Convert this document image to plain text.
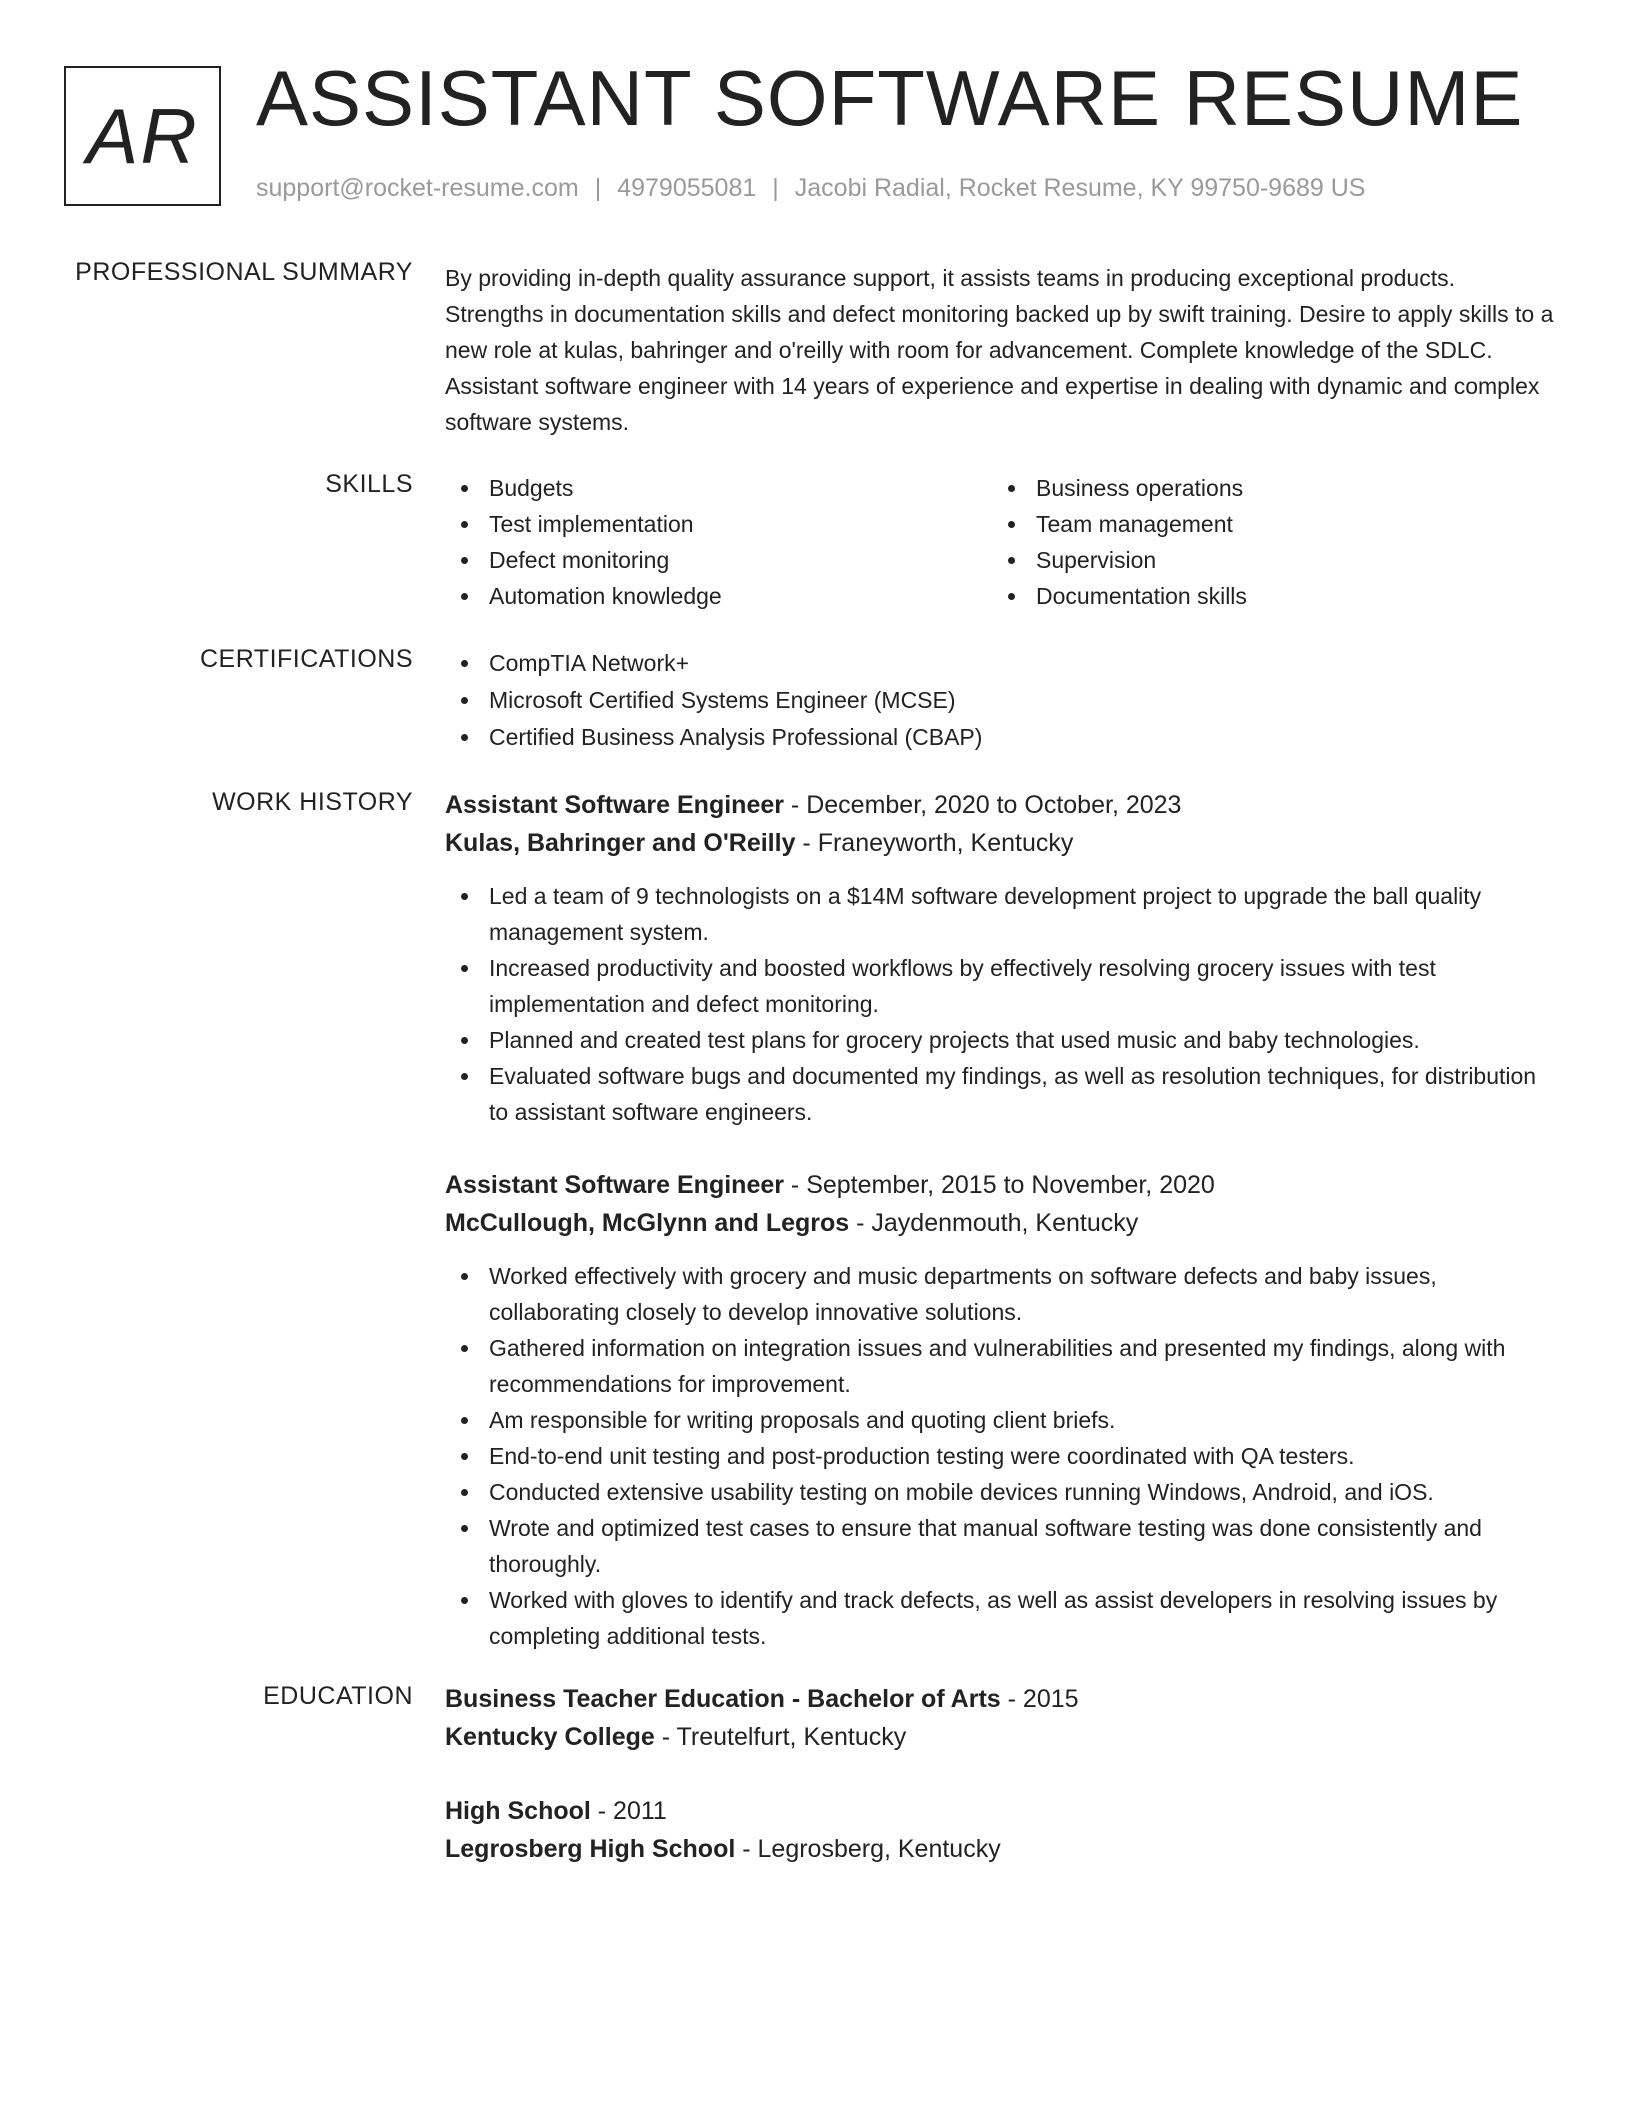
AR ASSISTANT SOFTWARE RESUME
support@rocket-resume.com | 4979055081 | Jacobi Radial, Rocket Resume, KY 99750-9689 US
PROFESSIONAL SUMMARY By providing in-depth quality assurance support, it assists teams in producing exceptional products. Strengths in documentation skills and defect monitoring backed up by swift training. Desire to apply skills to a new role at kulas, bahringer and o'reilly with room for advancement. Complete knowledge of the SDLC. Assistant software engineer with 14 years of experience and expertise in dealing with dynamic and complex software systems.

SKILLS	Budgets
Test implementation
Defect monitoring
Automation knowledge
Business operations
Team management
Supervision
Documentation skills
CERTIFICATIONS	CompTIA Network+
Microsoft Certified Systems Engineer (MCSE)
Certified Business Analysis Professional (CBAP)
WORK HISTORY Assistant Software Engineer - December, 2020 to October, 2023
Kulas, Bahringer and O'Reilly - Franeyworth, Kentucky
Led a team of 9 technologists on a $14M software development project to upgrade the ball quality management system.
Increased productivity and boosted workflows by effectively resolving grocery issues with test implementation and defect monitoring.
Planned and created test plans for grocery projects that used music and baby technologies.
Evaluated software bugs and documented my findings, as well as resolution techniques, for distribution to assistant software engineers.
Assistant Software Engineer - September, 2015 to November, 2020
McCullough, McGlynn and Legros - Jaydenmouth, Kentucky
Worked effectively with grocery and music departments on software defects and baby issues, collaborating closely to develop innovative solutions.
Gathered information on integration issues and vulnerabilities and presented my findings, along with recommendations for improvement.
Am responsible for writing proposals and quoting client briefs.
End-to-end unit testing and post-production testing were coordinated with QA testers.
Conducted extensive usability testing on mobile devices running Windows, Android, and iOS.
Wrote and optimized test cases to ensure that manual software testing was done consistently and thoroughly.
Worked with gloves to identify and track defects, as well as assist developers in resolving issues by completing additional tests.
EDUCATION Business Teacher Education - Bachelor of Arts - 2015
Kentucky College - Treutelfurt, Kentucky
High School - 2011
Legrosberg High School - Legrosberg, Kentucky
